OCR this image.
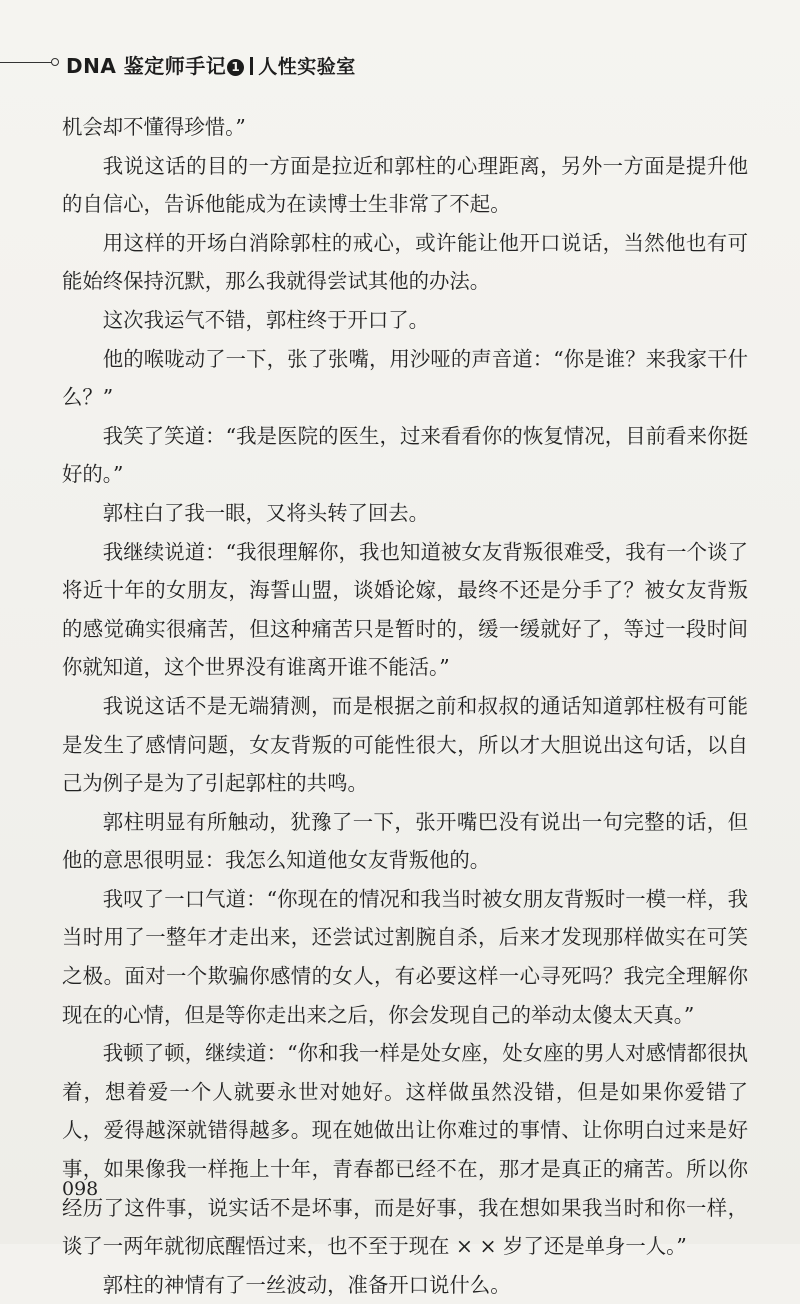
DNA 鉴定师手记 1 人性实验室

机会却不懂得珍惜。”

我说这话的目的一方面是拉近和郭柱的心理距离，另外一方面是提升他的自信心，告诉他能成为在读博士生非常了不起。

用这样的开场白消除郭柱的戒心，或许能让他开口说话，当然他也有可能始终保持沉默，那么我就得尝试其他的办法。

这次我运气不错，郭柱终于开口了。

他的喉咙动了一下，张了张嘴，用沙哑的声音道：“你是谁？来我家干什么？”

我笑了笑道：“我是医院的医生，过来看看你的恢复情况，目前看来你挺好的。”

郭柱白了我一眼，又将头转了回去。

我继续说道：“我很理解你，我也知道被女友背叛很难受，我有一个谈了将近十年的女朋友，海誓山盟，谈婚论嫁，最终不还是分手了？被女友背叛的感觉确实很痛苦，但这种痛苦只是暂时的，缓一缓就好了，等过一段时间你就知道，这个世界没有谁离开谁不能活。”

我说这话不是无端猜测，而是根据之前和叔叔的通话知道郭柱极有可能是发生了感情问题，女友背叛的可能性很大，所以才大胆说出这句话，以自己为例子是为了引起郭柱的共鸣。

郭柱明显有所触动，犹豫了一下，张开嘴巴没有说出一句完整的话，但他的意思很明显：我怎么知道他女友背叛他的。

我叹了一口气道：“你现在的情况和我当时被女朋友背叛时一模一样，我当时用了一整年才走出来，还尝试过割腕自杀，后来才发现那样做实在可笑之极。面对一个欺骗你感情的女人，有必要这样一心寻死吗？我完全理解你现在的心情，但是等你走出来之后，你会发现自己的举动太傻太天真。”

我顿了顿，继续道：“你和我一样是处女座，处女座的男人对感情都很执着，想着爱一个人就要永世对她好。这样做虽然没错，但是如果你爱错了人，爱得越深就错得越多。现在她做出让你难过的事情、让你明白过来是好事，如果像我一样拖上十年，青春都已经不在，那才是真正的痛苦。所以你经历了这件事，说实话不是坏事，而是好事，我在想如果我当时和你一样，谈了一两年就彻底醒悟过来，也不至于现在 × × 岁了还是单身一人。”

郭柱的神情有了一丝波动，准备开口说什么。

098
